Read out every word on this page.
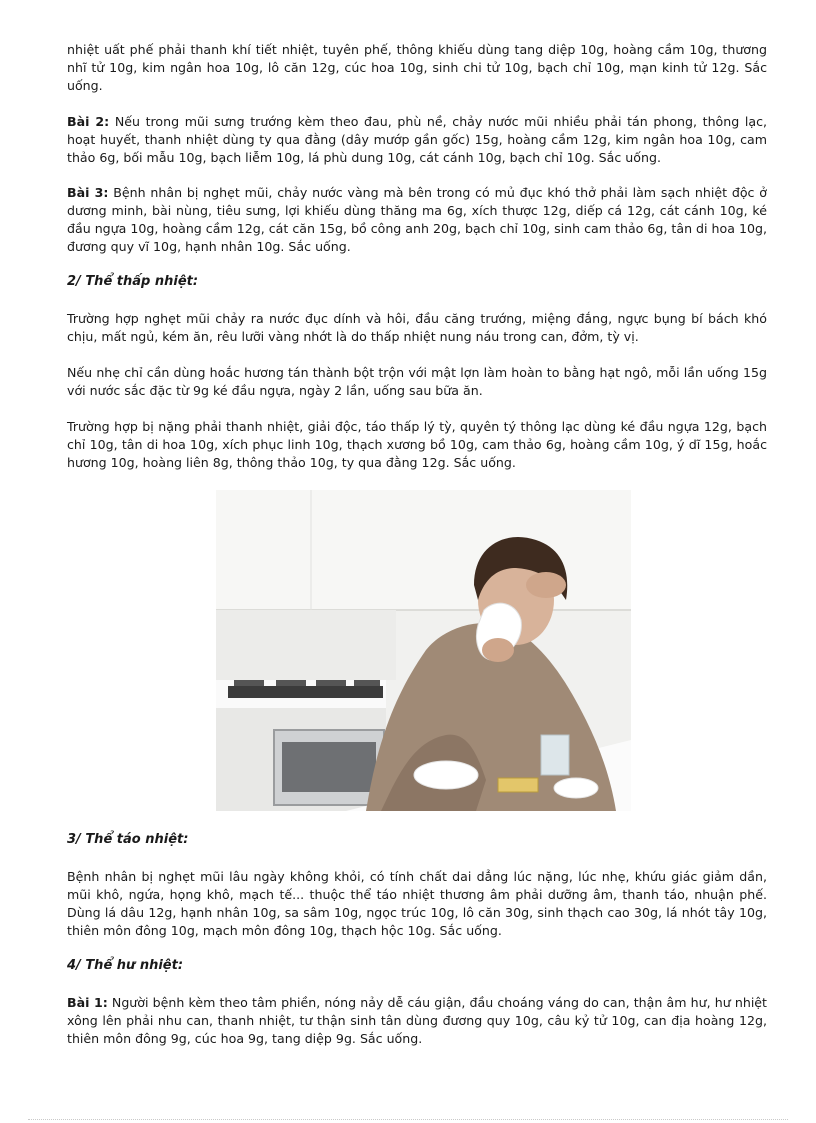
nhiệt uất phế phải thanh khí tiết nhiệt, tuyên phế, thông khiếu dùng tang diệp 10g, hoàng cầm 10g, thương nhĩ tử 10g, kim ngân hoa 10g, lô căn 12g, cúc hoa 10g, sinh chi tử 10g, bạch chỉ 10g, mạn kinh tử 12g. Sắc uống.

Bài 2: Nếu trong mũi sưng trướng kèm theo đau, phù nề, chảy nước mũi nhiều phải tán phong, thông lạc, hoạt huyết, thanh nhiệt dùng ty qua đằng (dây mướp gần gốc) 15g, hoàng cầm 12g, kim ngân hoa 10g, cam thảo 6g, bối mẫu 10g, bạch liễm 10g, lá phù dung 10g, cát cánh 10g, bạch chỉ 10g. Sắc uống.

Bài 3: Bệnh nhân bị nghẹt mũi, chảy nước vàng mà bên trong có mủ đục khó thở phải làm sạch nhiệt độc ở dương minh, bài nùng, tiêu sưng, lợi khiếu dùng thăng ma 6g, xích thược 12g, diếp cá 12g, cát cánh 10g, ké đầu ngựa 10g, hoàng cầm 12g, cát căn 15g, bồ công anh 20g, bạch chỉ 10g, sinh cam thảo 6g, tân di hoa 10g, đương quy vĩ 10g, hạnh nhân 10g. Sắc uống.

2/ Thể thấp nhiệt:

Trường hợp nghẹt mũi chảy ra nước đục dính và hôi, đầu căng trướng, miệng đắng, ngực bụng bí bách khó chịu, mất ngủ, kém ăn, rêu lưỡi vàng nhớt là do thấp nhiệt nung náu trong can, đởm, tỳ vị.

Nếu nhẹ chỉ cần dùng hoắc hương tán thành bột trộn với mật lợn làm hoàn to bằng hạt ngô, mỗi lần uống 15g với nước sắc đặc từ 9g ké đầu ngựa, ngày 2 lần, uống sau bữa ăn.

Trường hợp bị nặng phải thanh nhiệt, giải độc, táo thấp lý tỳ, quyên tý thông lạc dùng ké đầu ngựa 12g, bạch chỉ 10g, tân di hoa 10g, xích phục linh 10g, thạch xương bồ 10g, cam thảo 6g, hoàng cầm 10g, ý dĩ 15g, hoắc hương 10g, hoàng liên 8g, thông thảo 10g, ty qua đằng 12g. Sắc uống.

3/ Thể táo nhiệt:

Bệnh nhân bị nghẹt mũi lâu ngày không khỏi, có tính chất dai dẳng lúc nặng, lúc nhẹ, khứu giác giảm dần, mũi khô, ngứa, họng khô, mạch tế... thuộc thể táo nhiệt thương âm phải dưỡng âm, thanh táo, nhuận phế. Dùng lá dâu 12g, hạnh nhân 10g, sa sâm 10g, ngọc trúc 10g, lô căn 30g, sinh thạch cao 30g, lá nhót tây 10g, thiên môn đông 10g, mạch môn đông 10g, thạch hộc 10g. Sắc uống.

4/ Thể hư nhiệt:

Bài 1: Người bệnh kèm theo tâm phiền, nóng nảy dễ cáu giận, đầu choáng váng do can, thận âm hư, hư nhiệt xông lên phải nhu can, thanh nhiệt, tư thận sinh tân dùng đương quy 10g, câu kỷ tử 10g, can địa hoàng 12g, thiên môn đông 9g, cúc hoa 9g, tang diệp 9g. Sắc uống.
